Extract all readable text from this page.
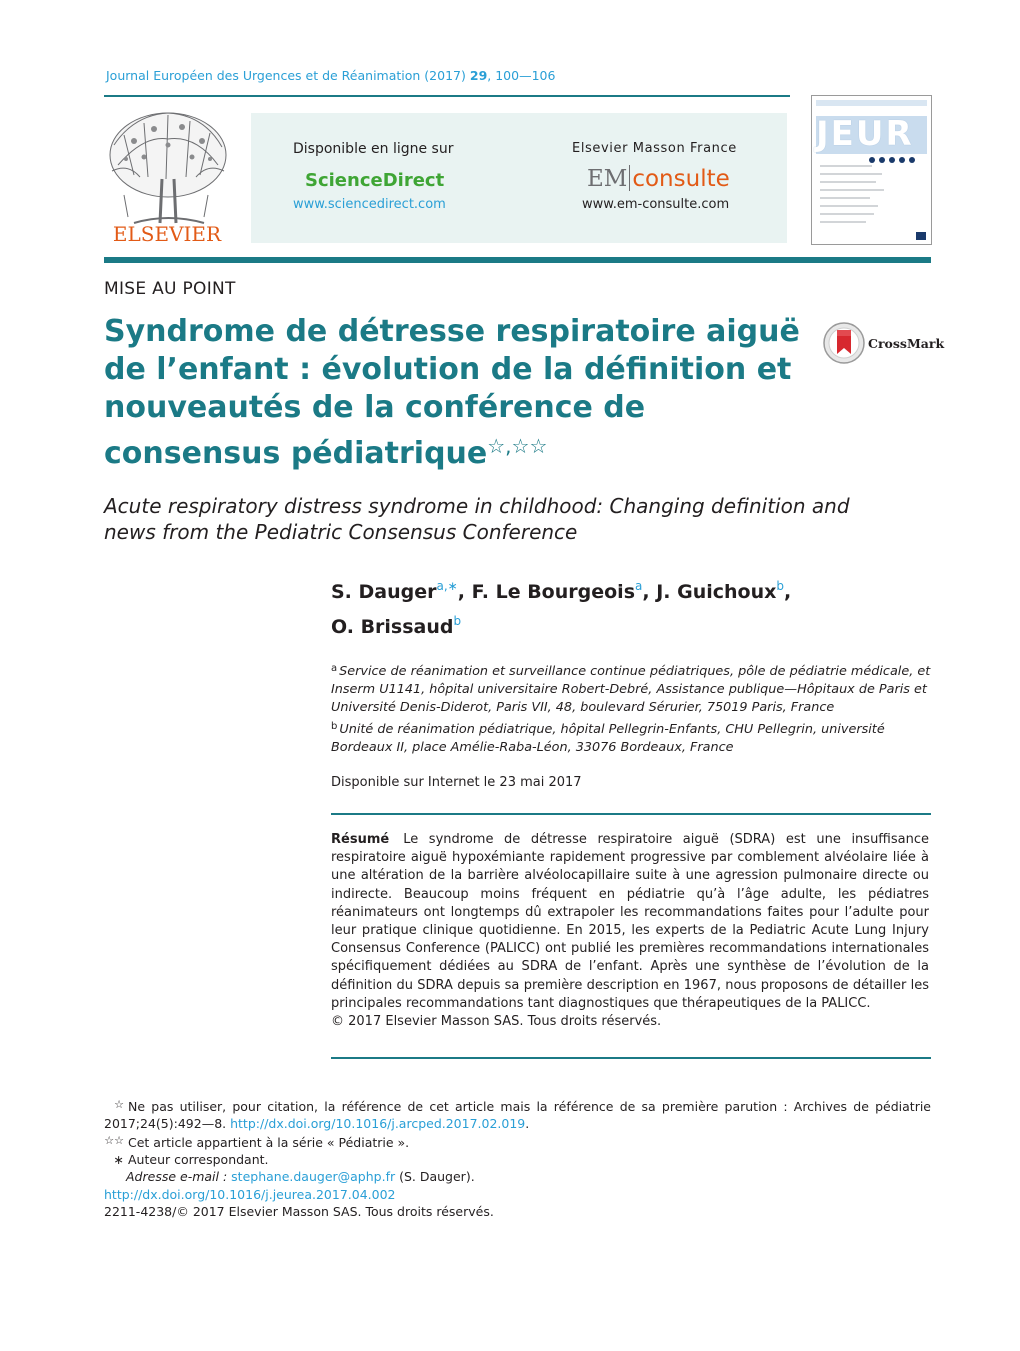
Journal Européen des Urgences et de Réanimation (2017) 29, 100—106
ELSEVIER
Disponible en ligne sur
ScienceDirect
www.sciencedirect.com
Elsevier Masson France
EM consulte
www.em-consulte.com
JEUR
MISE AU POINT
Syndrome de détresse respiratoire aiguë de l’enfant : évolution de la définition et nouveautés de la conférence de consensus pédiatrique☆,☆☆
CrossMark
Acute respiratory distress syndrome in childhood: Changing definition and news from the Pediatric Consensus Conference
S. Dauger$^{a,∗}$, F. Le Bourgeois$^a$, J. Guichoux$^b$,
O. Brissaud$^b$
$^a$ Service de réanimation et surveillance continue pédiatriques, pôle de pédiatrie médicale, et Inserm U1141, hôpital universitaire Robert-Debré, Assistance publique—Hôpitaux de Paris et Université Denis-Diderot, Paris VII, 48, boulevard Sérurier, 75019 Paris, France
$^b$ Unité de réanimation pédiatrique, hôpital Pellegrin-Enfants, CHU Pellegrin, université Bordeaux II, place Amélie-Raba-Léon, 33076 Bordeaux, France
Disponible sur Internet le 23 mai 2017
Résumé Le syndrome de détresse respiratoire aiguë (SDRA) est une insuffisance respiratoire aiguë hypoxémiante rapidement progressive par comblement alvéolaire liée à une altération de la barrière alvéolocapillaire suite à une agression pulmonaire directe ou indirecte. Beaucoup moins fréquent en pédiatrie qu’à l’âge adulte, les pédiatres réanimateurs ont longtemps dû extrapoler les recommandations faites pour l’adulte pour leur pratique clinique quotidienne. En 2015, les experts de la Pediatric Acute Lung Injury Consensus Conference (PALICC) ont publié les premières recommandations internationales spécifiquement dédiées au SDRA de l’enfant. Après une synthèse de l’évolution de la définition du SDRA depuis sa première description en 1967, nous proposons de détailler les principales recommandations tant diagnostiques que thérapeutiques de la PALICC.
© 2017 Elsevier Masson SAS. Tous droits réservés.
☆ Ne pas utiliser, pour citation, la référence de cet article mais la référence de sa première parution : Archives de pédiatrie 2017;24(5):492—8. http://dx.doi.org/10.1016/j.arcped.2017.02.019.
☆☆ Cet article appartient à la série « Pédiatrie ».
∗ Auteur correspondant.
Adresse e-mail : stephane.dauger@aphp.fr (S. Dauger).
http://dx.doi.org/10.1016/j.jeurea.2017.04.002
2211-4238/© 2017 Elsevier Masson SAS. Tous droits réservés.
